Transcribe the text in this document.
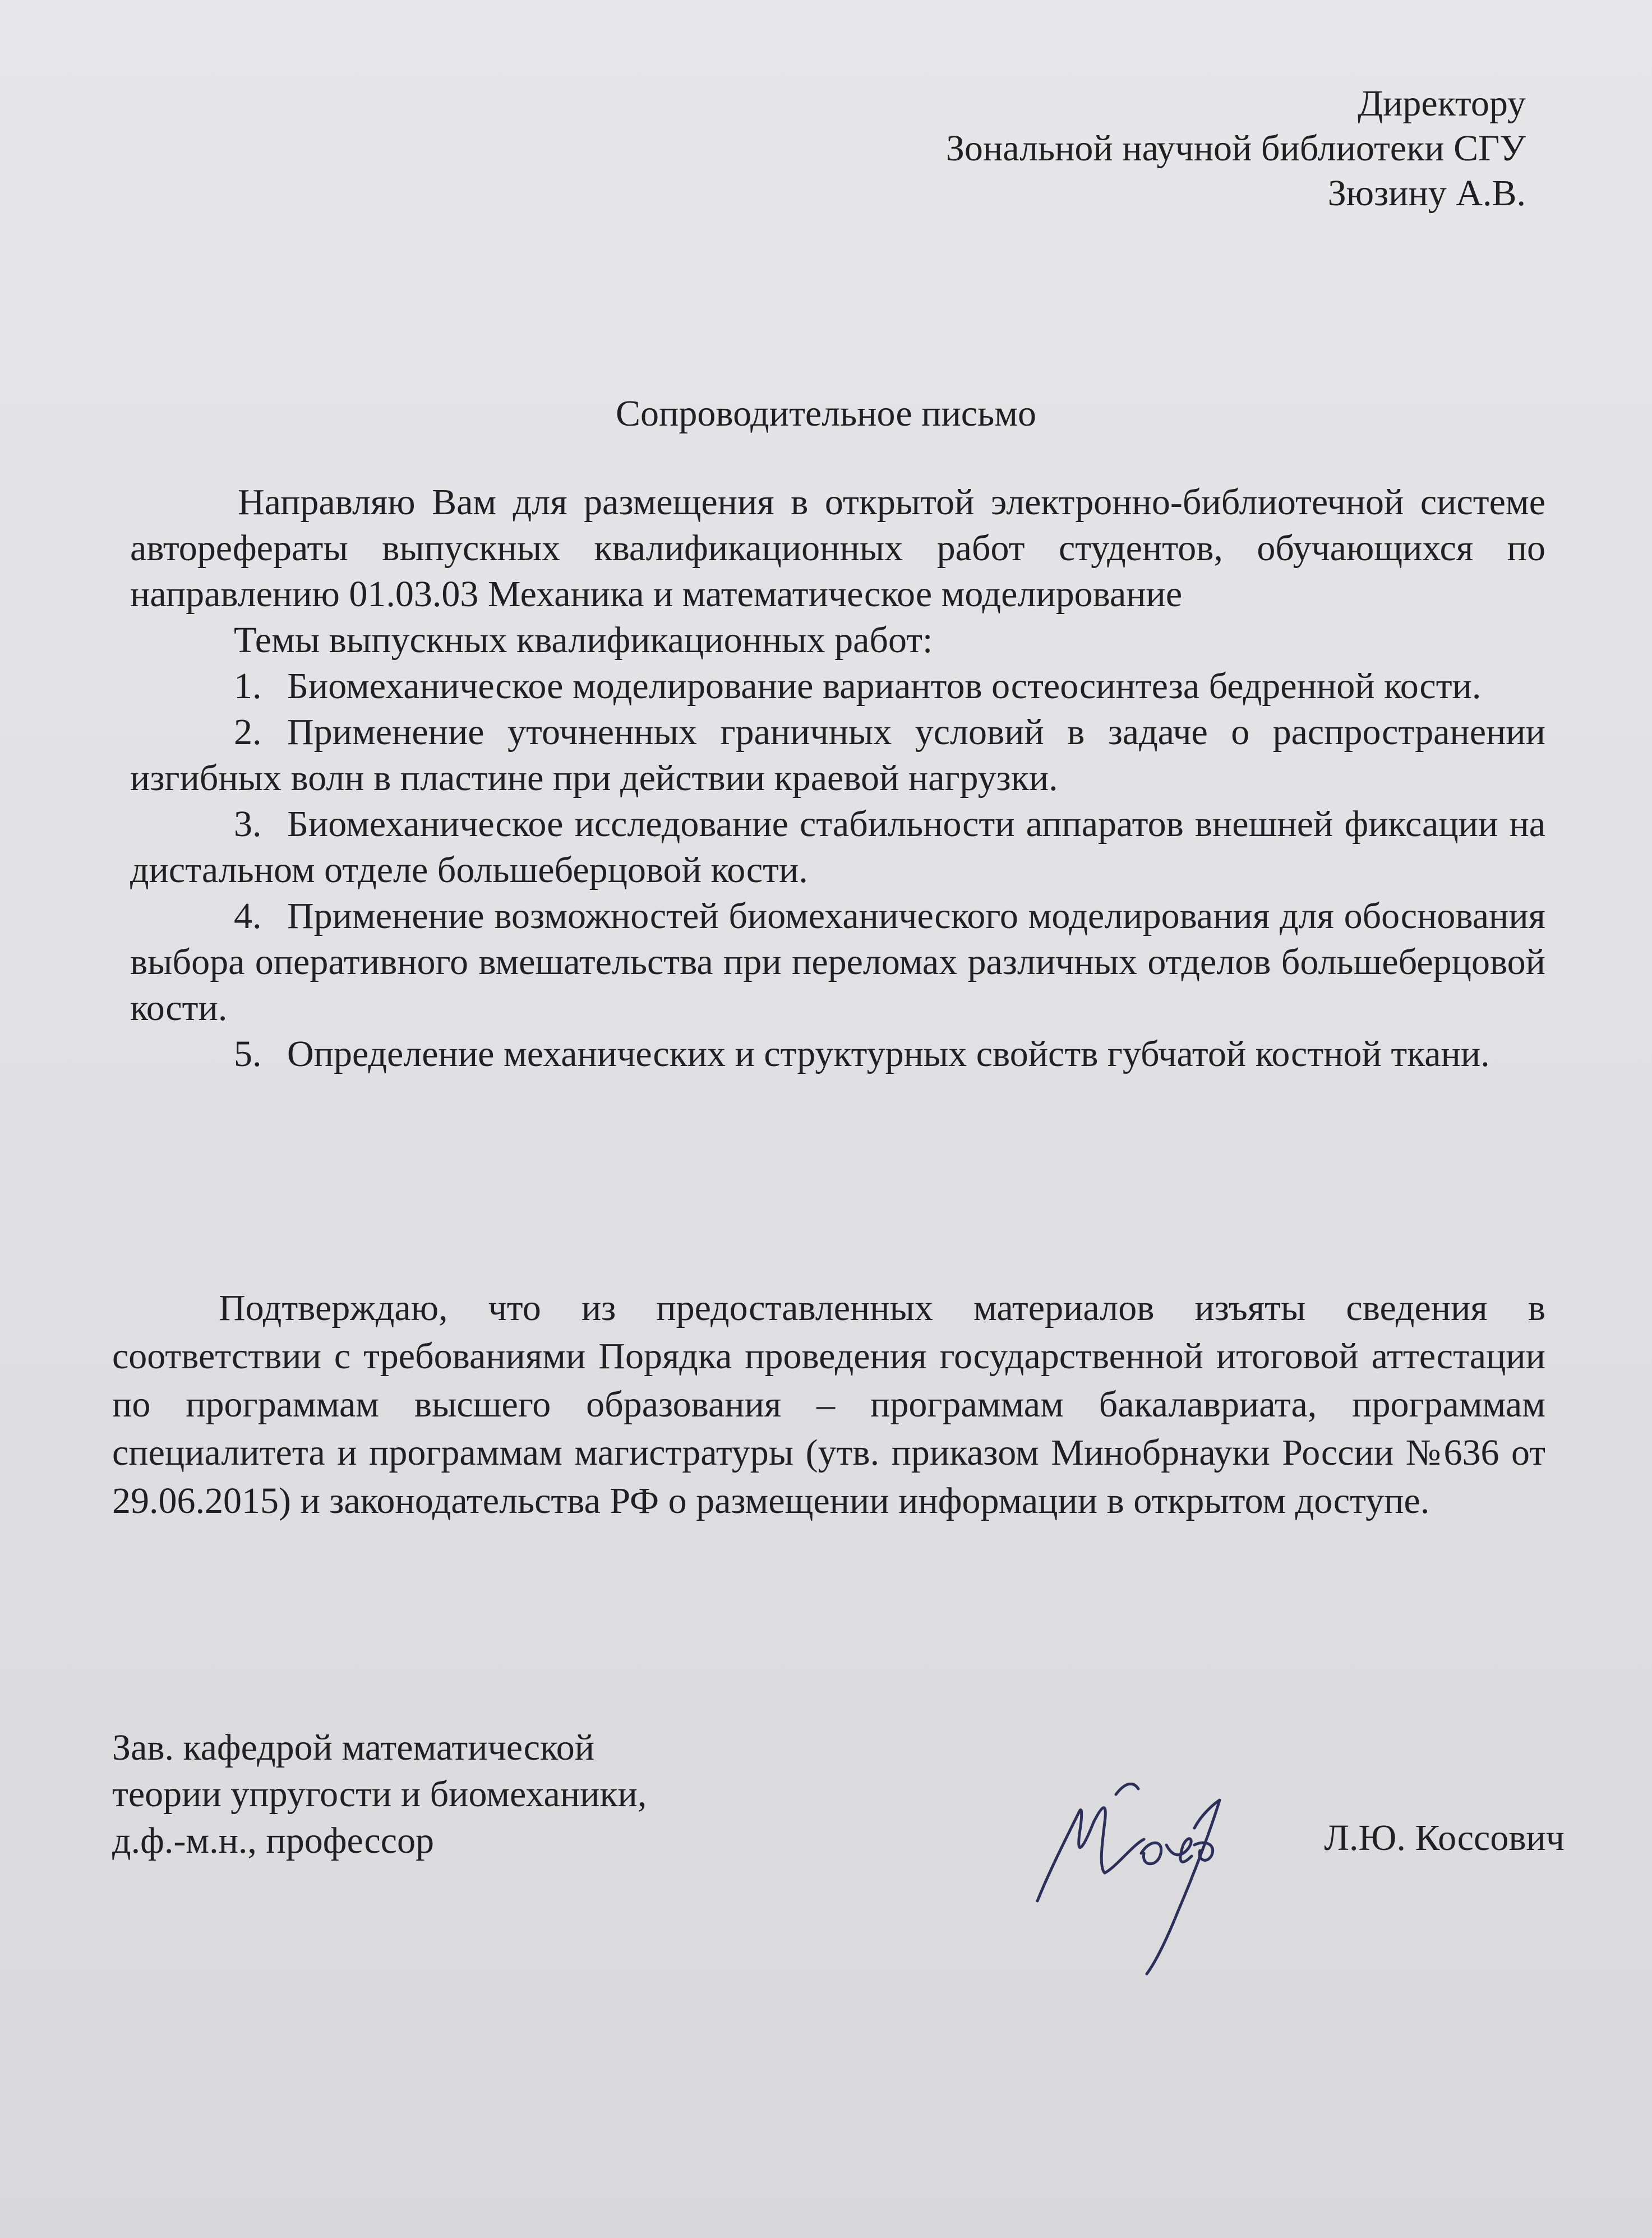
Директору
Зональной научной библиотеки СГУ
Зюзину А.В.
Сопроводительное письмо

Направляю Вам для размещения в открытой электронно-библиотечной системе авторефераты выпускных квалификационных работ студентов, обучающихся по направлению 01.03.03 Механика и математическое моделирование

Темы выпускных квалификационных работ:

1. Биомеханическое моделирование вариантов остеосинтеза бедренной кости.

2. Применение уточненных граничных условий в задаче о распространении изгибных волн в пластине при действии краевой нагрузки.

3. Биомеханическое исследование стабильности аппаратов внешней фиксации на дистальном отделе большеберцовой кости.

4. Применение возможностей биомеханического моделирования для обоснования выбора оперативного вмешательства при переломах различных отделов большеберцовой кости.

5. Определение механических и структурных свойств губчатой костной ткани.

Подтверждаю, что из предоставленных материалов изъяты сведения в соответствии с требованиями Порядка проведения государственной итоговой аттестации по программам высшего образования – программам бакалавриата, программам специалитета и программам магистратуры (утв. приказом Минобрнауки России №636 от 29.06.2015) и законодательства РФ о размещении информации в открытом доступе.

Зав. кафедрой математической
теории упругости и биомеханики,
д.ф.-м.н., профессор	Л.Ю. Коссович
